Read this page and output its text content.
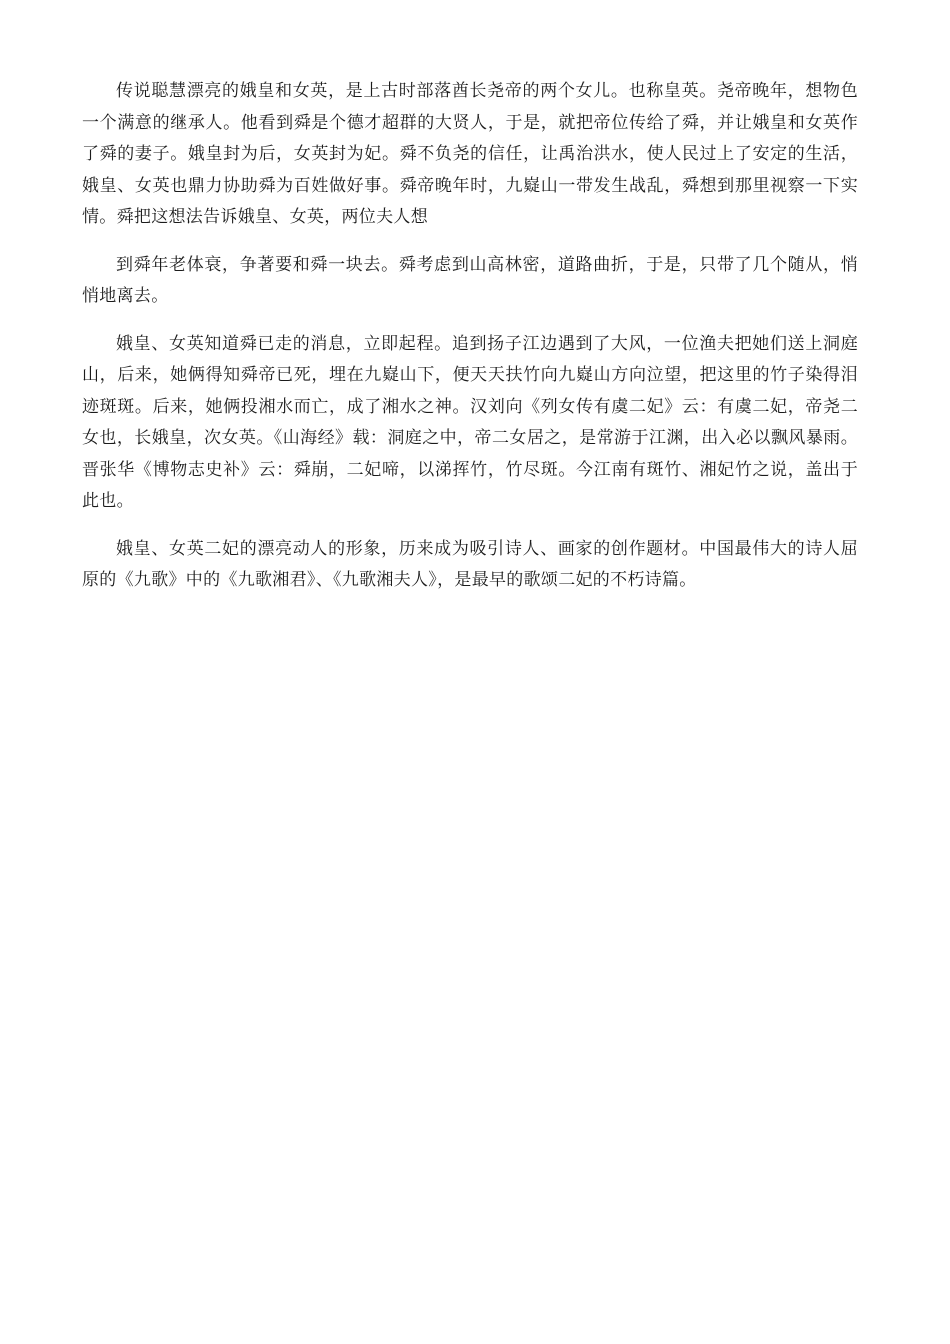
传说聪慧漂亮的娥皇和女英，是上古时部落酋长尧帝的两个女儿。也称皇英。尧帝晚年，想物色一个满意的继承人。他看到舜是个德才超群的大贤人，于是，就把帝位传给了舜，并让娥皇和女英作了舜的妻子。娥皇封为后，女英封为妃。舜不负尧的信任，让禹治洪水，使人民过上了安定的生活，娥皇、女英也鼎力协助舜为百姓做好事。舜帝晚年时，九嶷山一带发生战乱，舜想到那里视察一下实情。舜把这想法告诉娥皇、女英，两位夫人想

到舜年老体衰，争著要和舜一块去。舜考虑到山高林密，道路曲折，于是，只带了几个随从，悄悄地离去。

娥皇、女英知道舜已走的消息，立即起程。追到扬子江边遇到了大风，一位渔夫把她们送上洞庭山，后来，她俩得知舜帝已死，埋在九嶷山下，便天天扶竹向九嶷山方向泣望，把这里的竹子染得泪迹斑斑。后来，她俩投湘水而亡，成了湘水之神。汉刘向《列女传有虞二妃》云：有虞二妃，帝尧二女也，长娥皇，次女英。《山海经》载：洞庭之中，帝二女居之，是常游于江渊，出入必以飘风暴雨。晋张华《博物志史补》云：舜崩，二妃啼，以涕挥竹，竹尽斑。今江南有斑竹、湘妃竹之说，盖出于此也。

娥皇、女英二妃的漂亮动人的形象，历来成为吸引诗人、画家的创作题材。中国最伟大的诗人屈原的《九歌》中的《九歌湘君》、《九歌湘夫人》，是最早的歌颂二妃的不朽诗篇。
